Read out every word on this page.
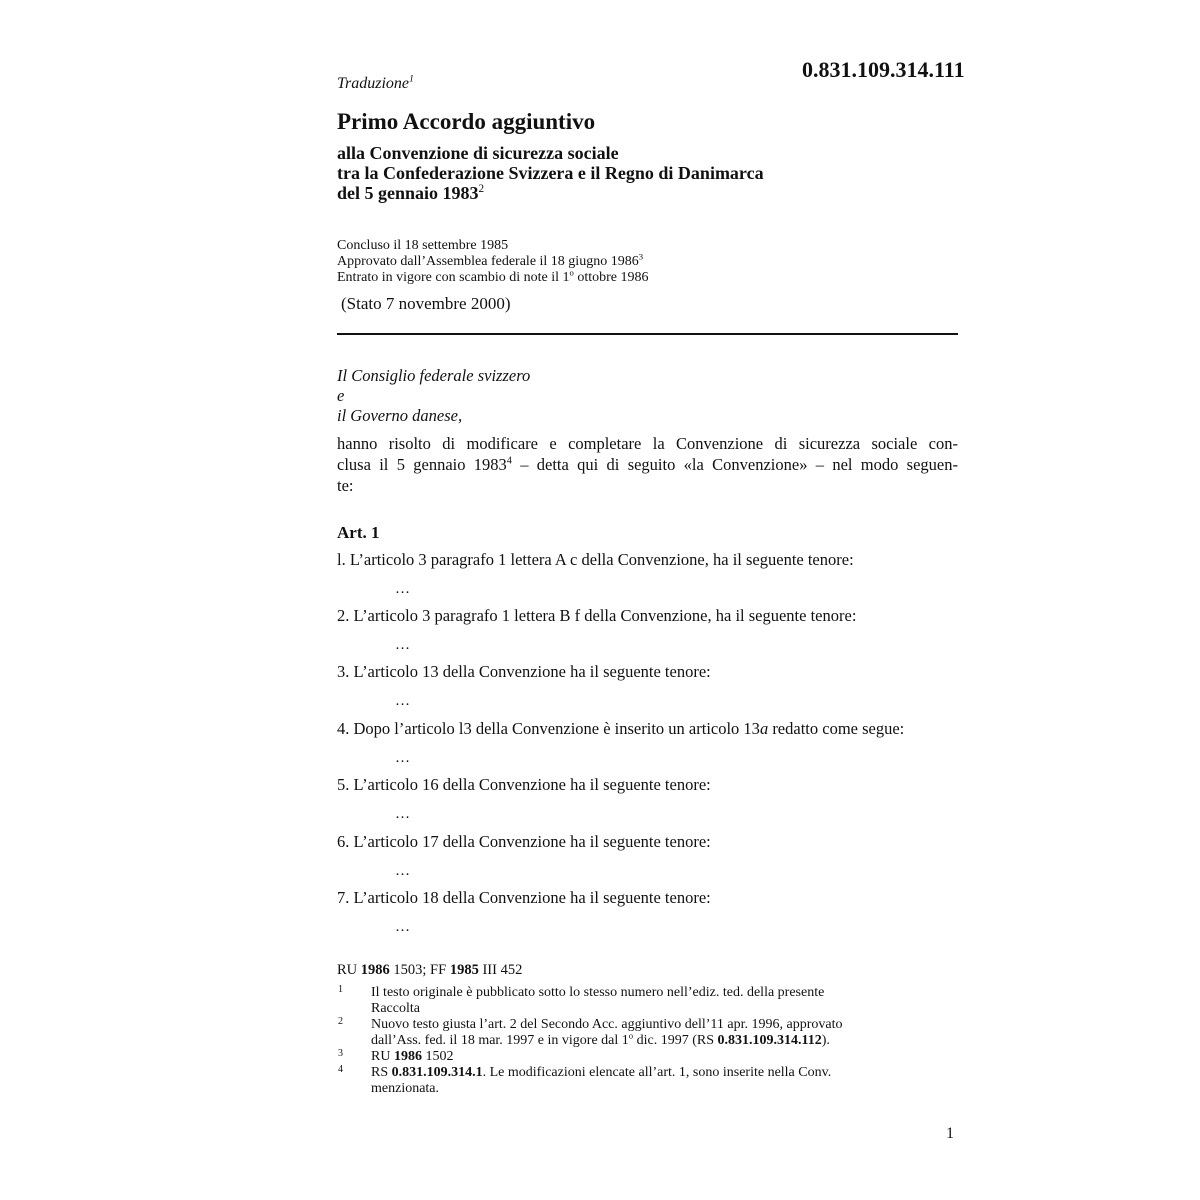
0.831.109.314.111
Traduzione$^1$
Primo Accordo aggiuntivo
alla Convenzione di sicurezza sociale
tra la Confederazione Svizzera e il Regno di Danimarca
del 5 gennaio 1983$^2$
Concluso il 18 settembre 1985
Approvato dall’Assemblea federale il 18 giugno 1986$^3$
Entrato in vigore con scambio di note il 1$^o$ ottobre 1986
(Stato 7 novembre 2000)
Il Consiglio federale svizzero
e
il Governo danese,
hanno risolto di modificare e completare la Convenzione di sicurezza sociale con-
clusa il 5 gennaio 1983$^4$ – detta qui di seguito «la Convenzione» – nel modo seguen-
te:
Art. 1
l. L’articolo 3 paragrafo 1 lettera A c della Convenzione, ha il seguente tenore:
…
2. L’articolo 3 paragrafo 1 lettera B f della Convenzione, ha il seguente tenore:
…
3. L’articolo 13 della Convenzione ha il seguente tenore:
…
4. Dopo l’articolo l3 della Convenzione è inserito un articolo 13a redatto come segue:
…
5. L’articolo 16 della Convenzione ha il seguente tenore:
…
6. L’articolo 17 della Convenzione ha il seguente tenore:
…
7. L’articolo 18 della Convenzione ha il seguente tenore:
…
RU 1986 1503; FF 1985 III 452
1 Il testo originale è pubblicato sotto lo stesso numero nell’ediz. ted. della presente
Raccolta
2 Nuovo testo giusta l’art. 2 del Secondo Acc. aggiuntivo dell’11 apr. 1996, approvato
dall’Ass. fed. il 18 mar. 1997 e in vigore dal 1$^o$ dic. 1997 (RS 0.831.109.314.112).
3 RU 1986 1502
4 RS 0.831.109.314.1. Le modificazioni elencate all’art. 1, sono inserite nella Conv.
menzionata.
1
